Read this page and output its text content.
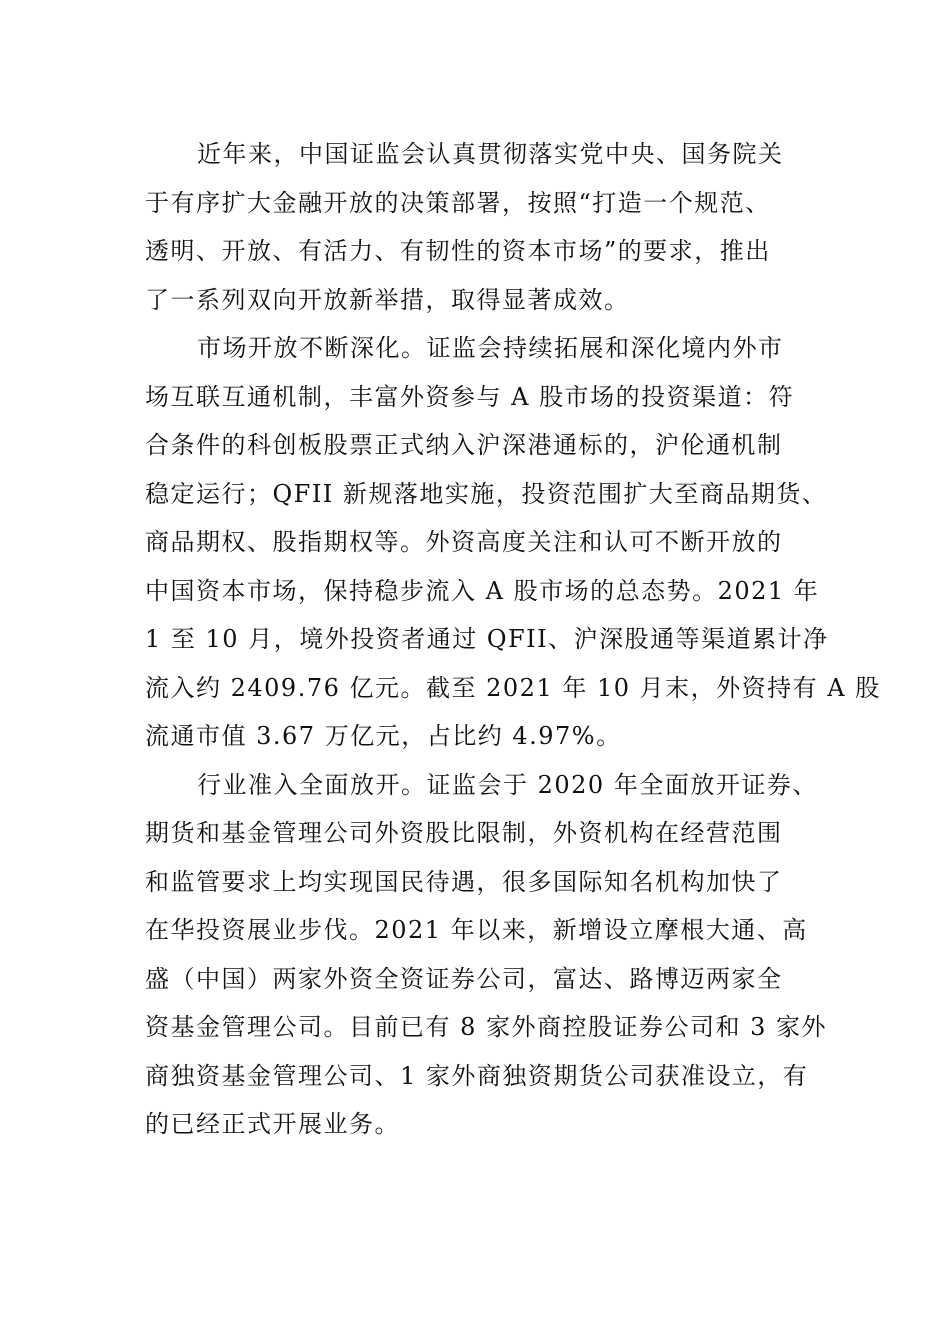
近年来，中国证监会认真贯彻落实党中央、国务院关
于有序扩大金融开放的决策部署，按照“打造一个规范、
透明、开放、有活力、有韧性的资本市场”的要求，推出
了一系列双向开放新举措，取得显著成效。

市场开放不断深化。证监会持续拓展和深化境内外市
场互联互通机制，丰富外资参与 A 股市场的投资渠道：符
合条件的科创板股票正式纳入沪深港通标的，沪伦通机制
稳定运行；QFII 新规落地实施，投资范围扩大至商品期货、
商品期权、股指期权等。外资高度关注和认可不断开放的
中国资本市场，保持稳步流入 A 股市场的总态势。2021 年
1 至 10 月，境外投资者通过 QFII、沪深股通等渠道累计净
流入约 2409.76 亿元。截至 2021 年 10 月末，外资持有 A 股
流通市值 3.67 万亿元，占比约 4.97%。

行业准入全面放开。证监会于 2020 年全面放开证券、
期货和基金管理公司外资股比限制，外资机构在经营范围
和监管要求上均实现国民待遇，很多国际知名机构加快了
在华投资展业步伐。2021 年以来，新增设立摩根大通、高
盛（中国）两家外资全资证券公司，富达、路博迈两家全
资基金管理公司。目前已有 8 家外商控股证券公司和 3 家外
商独资基金管理公司、1 家外商独资期货公司获准设立，有
的已经正式开展业务。
